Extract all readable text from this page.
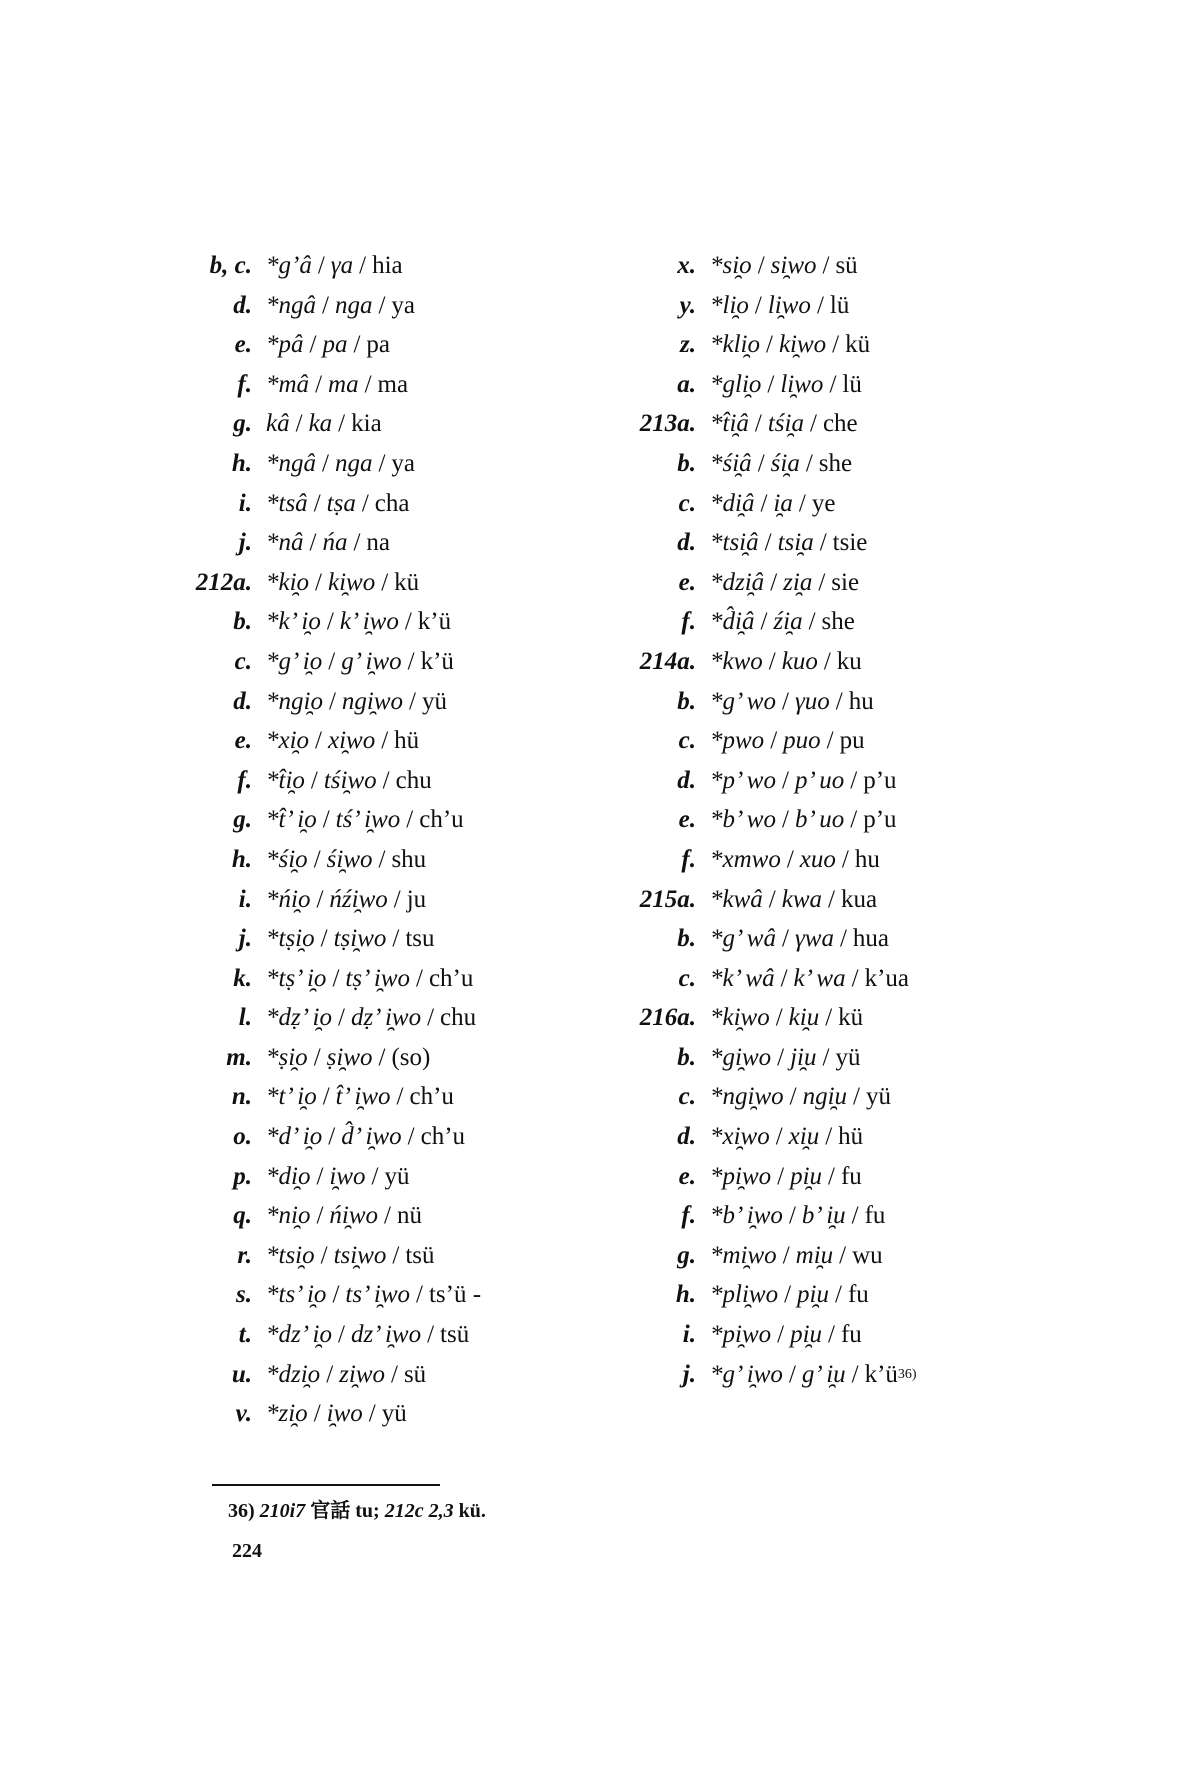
b, c. *g’â / γa / hia
d. *ngâ / nga / ya
e. *pâ / pa / pa
f. *mâ / ma / ma
g. kâ / ka / kia
h. *ngâ / nga / ya
i. *tsâ / tṣa / cha
j. *nâ / ńa / na
212a. *ki̯o / ki̯wo / kü
b. *k’ i̯o / k’ i̯wo / k’ü
c. *g’ i̯o / g’ i̯wo / k’ü
d. *ngi̯o / ngi̯wo / yü
e. *xi̯o / xi̯wo / hü
f. *t̂i̯o / tśi̯wo / chu
g. *t̂’ i̯o / tś’ i̯wo / ch’u
h. *śi̯o / śi̯wo / shu
i. *ńi̯o / ńźi̯wo / ju
j. *tṣi̯o / tṣi̯wo / tsu
k. *tṣ’ i̯o / tṣ’ i̯wo / ch’u
l. *dẓ’ i̯o / dẓ’ i̯wo / chu
m. *ṣi̯o / ṣi̯wo / (so)
n. *t’ i̯o / t̂’ i̯wo / ch’u
o. *d’ i̯o / d̂’ i̯wo / ch’u
p. *di̯o / i̯wo / yü
q. *ni̯o / ńi̯wo / nü
r. *tsi̯o / tsi̯wo / tsü
s. *ts’ i̯o / ts’ i̯wo / ts’ü -
t. *dz’ i̯o / dz’ i̯wo / tsü
u. *dzi̯o / zi̯wo / sü
v. *zi̯o / i̯wo / yü
x. *si̯o / si̯wo / sü
y. *li̯o / li̯wo / lü
z. *kli̯o / ki̯wo / kü
a. *gli̯o / li̯wo / lü
213a. *t̂i̯â / tśi̯a / che
b. *śi̯â / śi̯a / she
c. *di̯â / i̯a / ye
d. *tsi̯â / tsi̯a / tsie
e. *dzi̯â / zi̯a / sie
f. *d̂i̯â / źi̯a / she
214a. *kwo / kuo / ku
b. *g’ wo / γuo / hu
c. *pwo / puo / pu
d. *p’ wo / p’ uo / p’u
e. *b’ wo / b’ uo / p’u
f. *xmwo / xuo / hu
215a. *kwâ / kwa / kua
b. *g’ wâ / γwa / hua
c. *k’ wâ / k’ wa / k’ua
216a. *ki̯wo / ki̯u / kü
b. *gi̯wo / ji̯u / yü
c. *ngi̯wo / ngi̯u / yü
d. *xi̯wo / xi̯u / hü
e. *pi̯wo / pi̯u / fu
f. *b’ i̯wo / b’ i̯u / fu
g. *mi̯wo / mi̯u / wu
h. *pli̯wo / pi̯u / fu
i. *pi̯wo / pi̯u / fu
j. *g’ i̯wo / g’ i̯u / k’ü 36)
36) 210i7 官話 tu; 212c 2,3 kü.
224
